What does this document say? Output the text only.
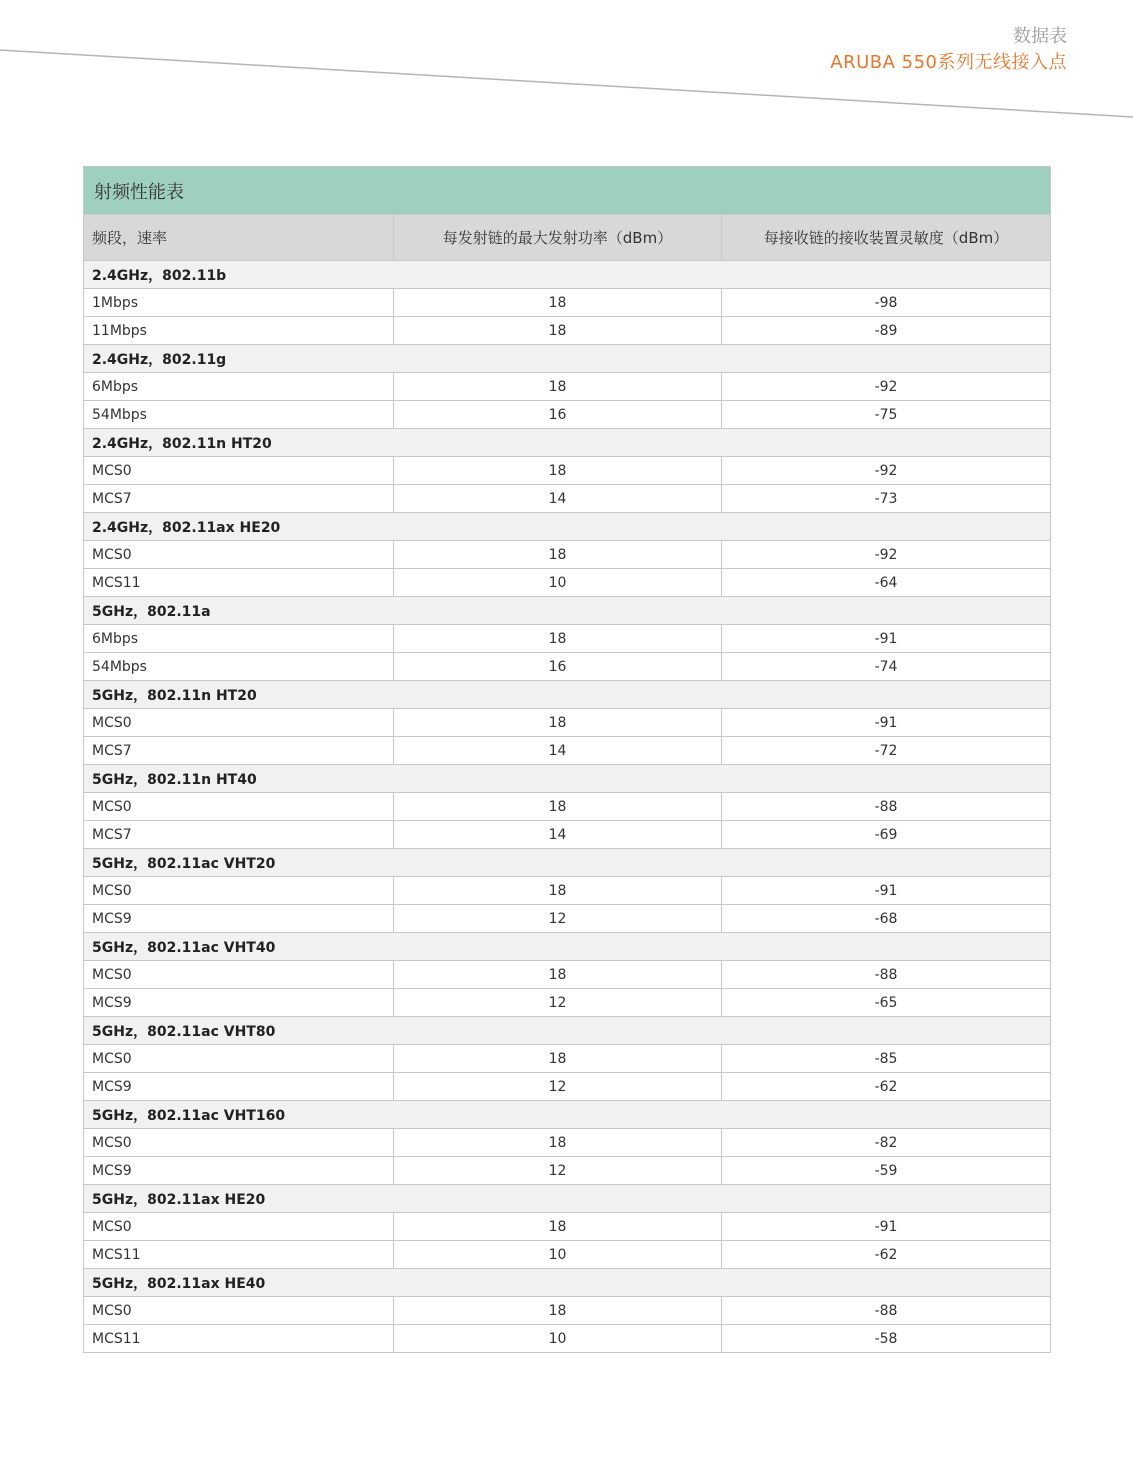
数据表
ARUBA 550系列无线接入点
射频性能表		
频段，速率	每发射链的最大发射功率（dBm）	每接收链的接收装置灵敏度（dBm）
2.4GHz，802.11b		
1Mbps	18	-98
11Mbps	18	-89
2.4GHz，802.11g		
6Mbps	18	-92
54Mbps	16	-75
2.4GHz，802.11n HT20		
MCS0	18	-92
MCS7	14	-73
2.4GHz，802.11ax HE20		
MCS0	18	-92
MCS11	10	-64
5GHz，802.11a		
6Mbps	18	-91
54Mbps	16	-74
5GHz，802.11n HT20		
MCS0	18	-91
MCS7	14	-72
5GHz，802.11n HT40		
MCS0	18	-88
MCS7	14	-69
5GHz，802.11ac VHT20		
MCS0	18	-91
MCS9	12	-68
5GHz，802.11ac VHT40		
MCS0	18	-88
MCS9	12	-65
5GHz，802.11ac VHT80		
MCS0	18	-85
MCS9	12	-62
5GHz，802.11ac VHT160		
MCS0	18	-82
MCS9	12	-59
5GHz，802.11ax HE20		
MCS0	18	-91
MCS11	10	-62
5GHz，802.11ax HE40		
MCS0	18	-88
MCS11	10	-58
